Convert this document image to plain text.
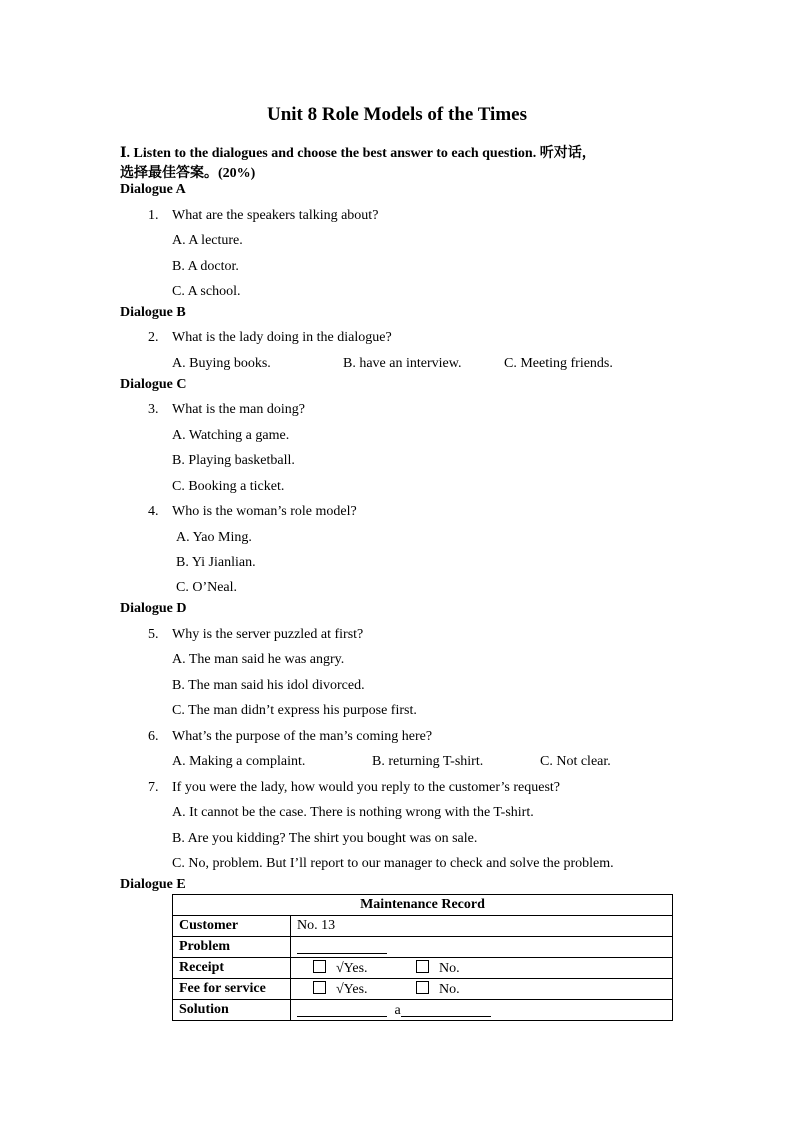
Unit 8 Role Models of the Times
Ⅰ. Listen to the dialogues and choose the best answer to each question. 听对话，
选择最佳答案。(20%)
Dialogue A
1. What are the speakers talking about?
A. A lecture.
B. A doctor.
C. A school.
Dialogue B
2. What is the lady doing in the dialogue?
A. Buying books.	B. have an interview.	C. Meeting friends.
Dialogue C
3. What is the man doing?
A. Watching a game.
B. Playing basketball.
C. Booking a ticket.
4. Who is the woman’s role model?
A. Yao Ming.
B. Yi Jianlian.
C. O’Neal.
Dialogue D
5. Why is the server puzzled at first?
A. The man said he was angry.
B. The man said his idol divorced.
C. The man didn’t express his purpose first.
6. What’s the purpose of the man’s coming here?
A. Making a complaint.	B. returning T-shirt.	C. Not clear.
7. If you were the lady, how would you reply to the customer’s request?
A. It cannot be the case. There is nothing wrong with the T-shirt.
B. Are you kidding? The shirt you bought was on sale.
C. No, problem. But I’ll report to our manager to check and solve the problem.
Dialogue E
Maintenance Record	
Customer	No. 13
Problem	
Receipt	√Yes. No.
Fee for service	√Yes. No.
Solution	a
